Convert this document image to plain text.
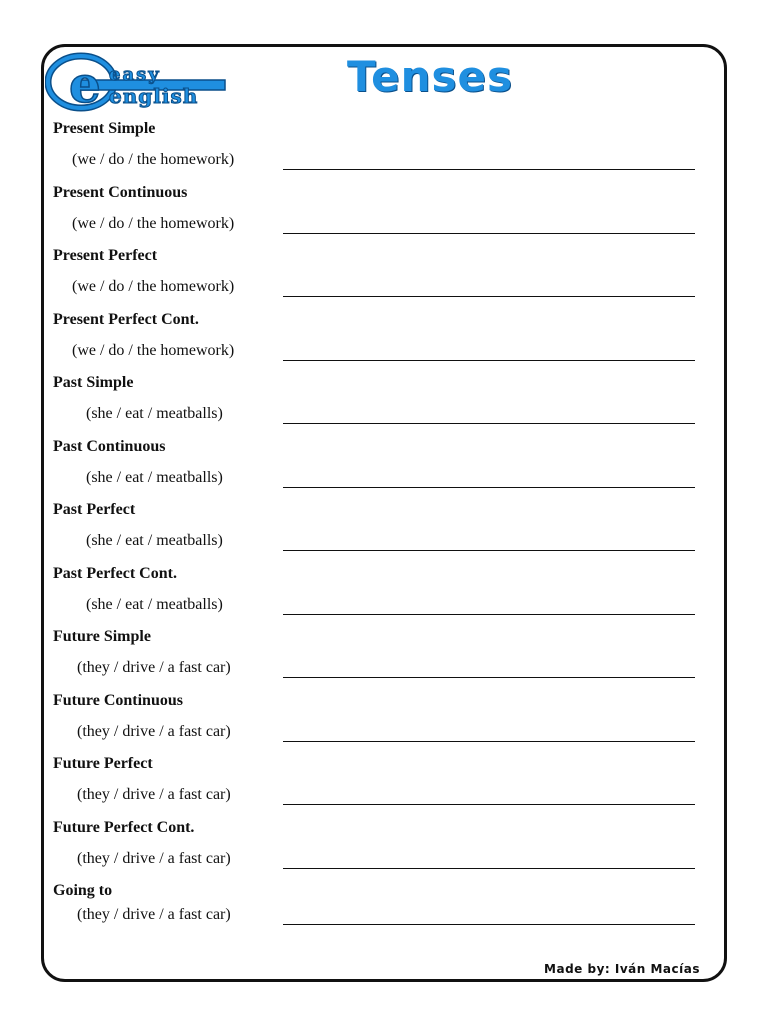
e easy
english	Tenses
Present Simple
(we / do / the homework)
Present Continuous
(we / do / the homework)
Present Perfect
(we / do / the homework)
Present Perfect Cont.
(we / do / the homework)
Past Simple
(she / eat / meatballs)
Past Continuous
(she / eat / meatballs)
Past Perfect
(she / eat / meatballs)
Past Perfect Cont.
(she / eat / meatballs)
Future Simple
(they / drive / a fast car)
Future Continuous
(they / drive / a fast car)
Future Perfect
(they / drive / a fast car)
Future Perfect Cont.
(they / drive / a fast car)
Going to
(they / drive / a fast car)
Made by: Iván Macías
